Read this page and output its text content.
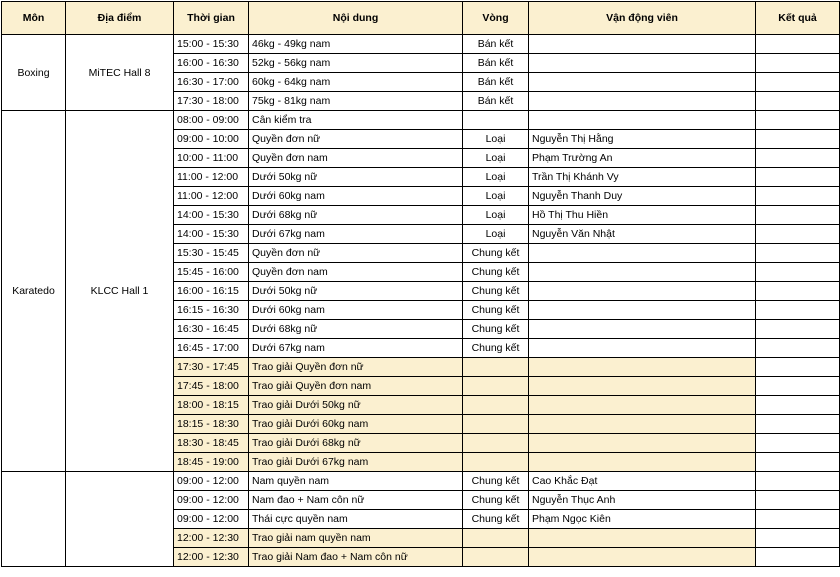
Môn	Địa điểm	Thời gian	Nội dung	Vòng	Vận động viên	Kết quả
Boxing	MiTEC Hall 8	15:00 - 15:30	46kg - 49kg nam	Bán kết		
		16:00 - 16:30	52kg - 56kg nam	Bán kết		
		16:30 - 17:00	60kg - 64kg nam	Bán kết		
		17:30 - 18:00	75kg - 81kg nam	Bán kết		
Karatedo	KLCC Hall 1	08:00 - 09:00	Cân kiểm tra			
		09:00 - 10:00	Quyền đơn nữ	Loại	Nguyễn Thị Hằng	
		10:00 - 11:00	Quyền đơn nam	Loại	Phạm Trường An	
		11:00 - 12:00	Dưới 50kg nữ	Loại	Trần Thị Khánh Vy	
		11:00 - 12:00	Dưới 60kg nam	Loại	Nguyễn Thanh Duy	
		14:00 - 15:30	Dưới 68kg nữ	Loại	Hồ Thị Thu Hiền	
		14:00 - 15:30	Dưới 67kg nam	Loại	Nguyễn Văn Nhật	
		15:30 - 15:45	Quyền đơn nữ	Chung kết		
		15:45 - 16:00	Quyền đơn nam	Chung kết		
		16:00 - 16:15	Dưới 50kg nữ	Chung kết		
		16:15 - 16:30	Dưới 60kg nam	Chung kết		
		16:30 - 16:45	Dưới 68kg nữ	Chung kết		
		16:45 - 17:00	Dưới 67kg nam	Chung kết		
		17:30 - 17:45	Trao giải Quyền đơn nữ			
		17:45 - 18:00	Trao giải Quyền đơn nam			
		18:00 - 18:15	Trao giải Dưới 50kg nữ			
		18:15 - 18:30	Trao giải Dưới 60kg nam			
		18:30 - 18:45	Trao giải Dưới 68kg nữ			
		18:45 - 19:00	Trao giải Dưới 67kg nam			
		09:00 - 12:00	Nam quyền nam	Chung kết	Cao Khắc Đạt	
		09:00 - 12:00	Nam đao + Nam côn nữ	Chung kết	Nguyễn Thục Anh	
		09:00 - 12:00	Thái cực quyền nam	Chung kết	Phạm Ngọc Kiên	
		12:00 - 12:30	Trao giải nam quyền nam			
		12:00 - 12:30	Trao giải Nam đao + Nam côn nữ			
